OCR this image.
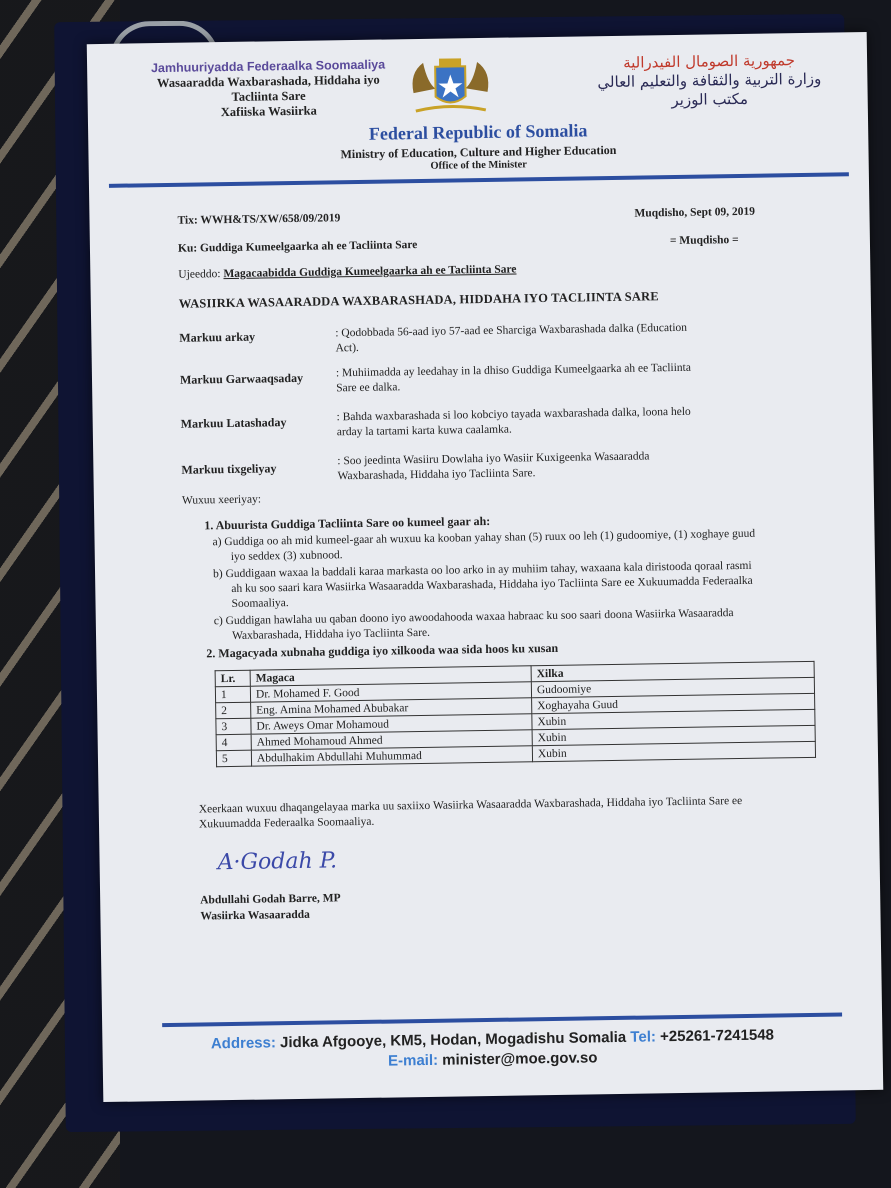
Jamhuuriyadda Federaalka Soomaaliya
Wasaaradda Waxbarashada, Hiddaha iyo
Tacliinta Sare
Xafiiska Wasiirka
جمهورية الصومال الفيدرالية
وزارة التربية والثقافة والتعليم العالي
مكتب الوزير
Federal Republic of Somalia
Ministry of Education, Culture and Higher Education
Office of the Minister
Tix: WWH&TS/XW/658/09/2019	Muqdisho, Sept 09, 2019
Ku: Guddiga Kumeelgaarka ah ee Tacliinta Sare	= Muqdisho =
Ujeeddo: Magacaabidda Guddiga Kumeelgaarka ah ee Tacliinta Sare
WASIIRKA WASAARADDA WAXBARASHADA, HIDDAHA IYO TACLIINTA SARE
Markuu arkay	: Qodobbada 56-aad iyo 57-aad ee Sharciga Waxbarashada dalka (Education Act).
Markuu Garwaaqsaday	: Muhiimadda ay leedahay in la dhiso Guddiga Kumeelgaarka ah ee Tacliinta Sare ee dalka.
Markuu Latashaday	: Bahda waxbarashada si loo kobciyo tayada waxbarashada dalka, loona helo arday la tartami karta kuwa caalamka.
Markuu tixgeliyay
: Soo jeedinta Wasiiru Dowlaha iyo Wasiir Kuxigeenka Wasaaradda Waxbarashada, Hiddaha iyo Tacliinta Sare.
Wuxuu xeeriyay:
1. Abuurista Guddiga Tacliinta Sare oo kumeel gaar ah:
a) Guddiga oo ah mid kumeel-gaar ah wuxuu ka kooban yahay shan (5) ruux oo leh (1) gudoomiye, (1) xoghayе guud iyo seddex (3) xubnood.
b) Guddigaan waxaa la baddali karaa markasta oo loo arko in ay muhiim tahay, waxaana kala diristooda qoraal rasmi ah ku soo saari kara Wasiirka Wasaaradda Waxbarashada, Hiddaha iyo Tacliinta Sare ee Xukuumadda Federaalka Soomaaliya.
c) Guddigan hawlaha uu qaban doono iyo awoodahooda waxaa habraac ku soo saari doona Wasiirka Wasaaradda Waxbarashada, Hiddaha iyo Tacliinta Sare.
2. Magacyada xubnaha guddiga iyo xilkooda waa sida hoos ku xusan
Lr.	Magaca	Xilka
1	Dr. Mohamed F. Good	Gudoomiye
2	Eng. Amina Mohamed Abubakar	Xoghayaha Guud
3	Dr. Aweys Omar Mohamoud	Xubin
4	Ahmed Mohamoud Ahmed	Xubin
5	Abdulhakim Abdullahi Muhummad	Xubin
Xeerkaan wuxuu dhaqangelayaa marka uu saxiixo Wasiirka Wasaaradda Waxbarashada, Hiddaha iyo Tacliinta Sare ee Xukuumadda Federaalka Soomaaliya.
A·Godah P.
Abdullahi Godah Barre, MP
Wasiirka Wasaaradda
Address: Jidka Afgooye, KM5, Hodan, Mogadishu Somalia Tel: +25261-7241548
E-mail: minister@moe.gov.so
